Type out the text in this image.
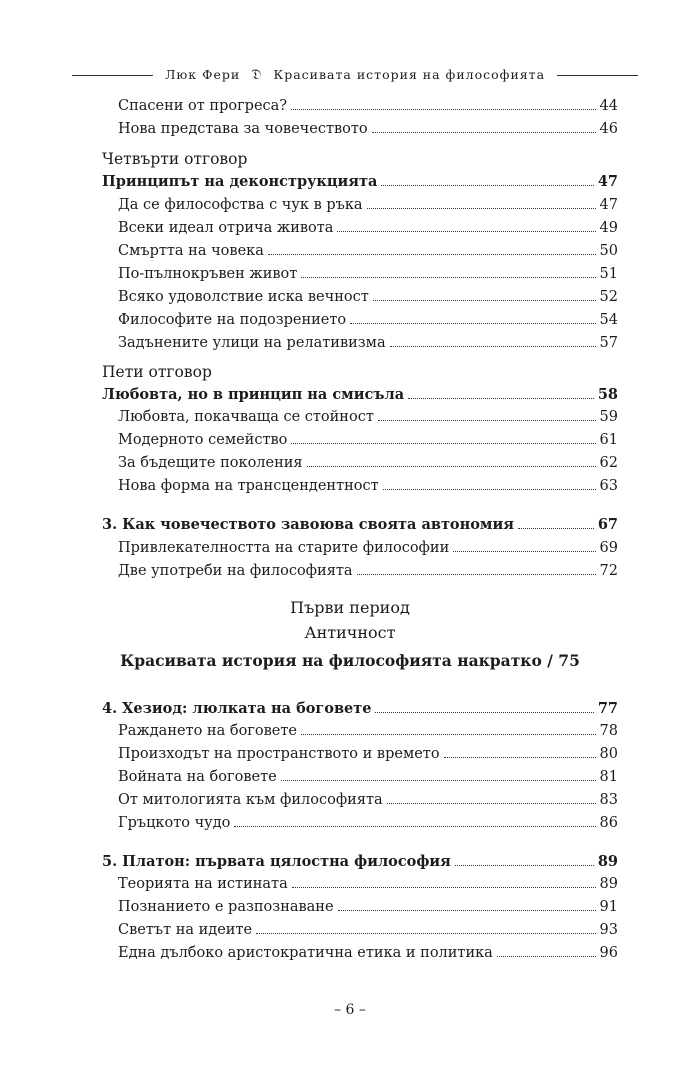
Люк Фери 𝔇 Красивата история на философията
Спасени от прогреса?	44
Нова представа за човечеството	46
Четвърти отговор
Принципът на деконструкцията	47
Да се философства с чук в ръка	47
Всеки идеал отрича живота	49
Смъртта на човека	50
По-пълнокръвен живот	51
Всяко удоволствие иска вечност	52
Философите на подозрението	54
Задънените улици на релативизма	57
Пети отговор
Любовта, но в принцип на смисъла	58
Любовта, покачваща се стойност	59
Модерното семейство	61
За бъдещите поколения	62
Нова форма на трансцендентност	63
3. Как човечеството завоюва своята автономия	67
Привлекателността на старите философии	69
Две употреби на философията	72
4. Хезиод: люлката на боговете	77
Раждането на боговете	78
Произходът на пространството и времето	80
Войната на боговете	81
От митологията към философията	83
Гръцкото чудо	86
5. Платон: първата цялостна философия	89
Теорията на истината	89
Познанието е разпознаване	91
Светът на идеите	93
Една дълбоко аристократична етика и политика	96
Първи период
Античност
Красивата история на философията накратко / 75
– 6 –
